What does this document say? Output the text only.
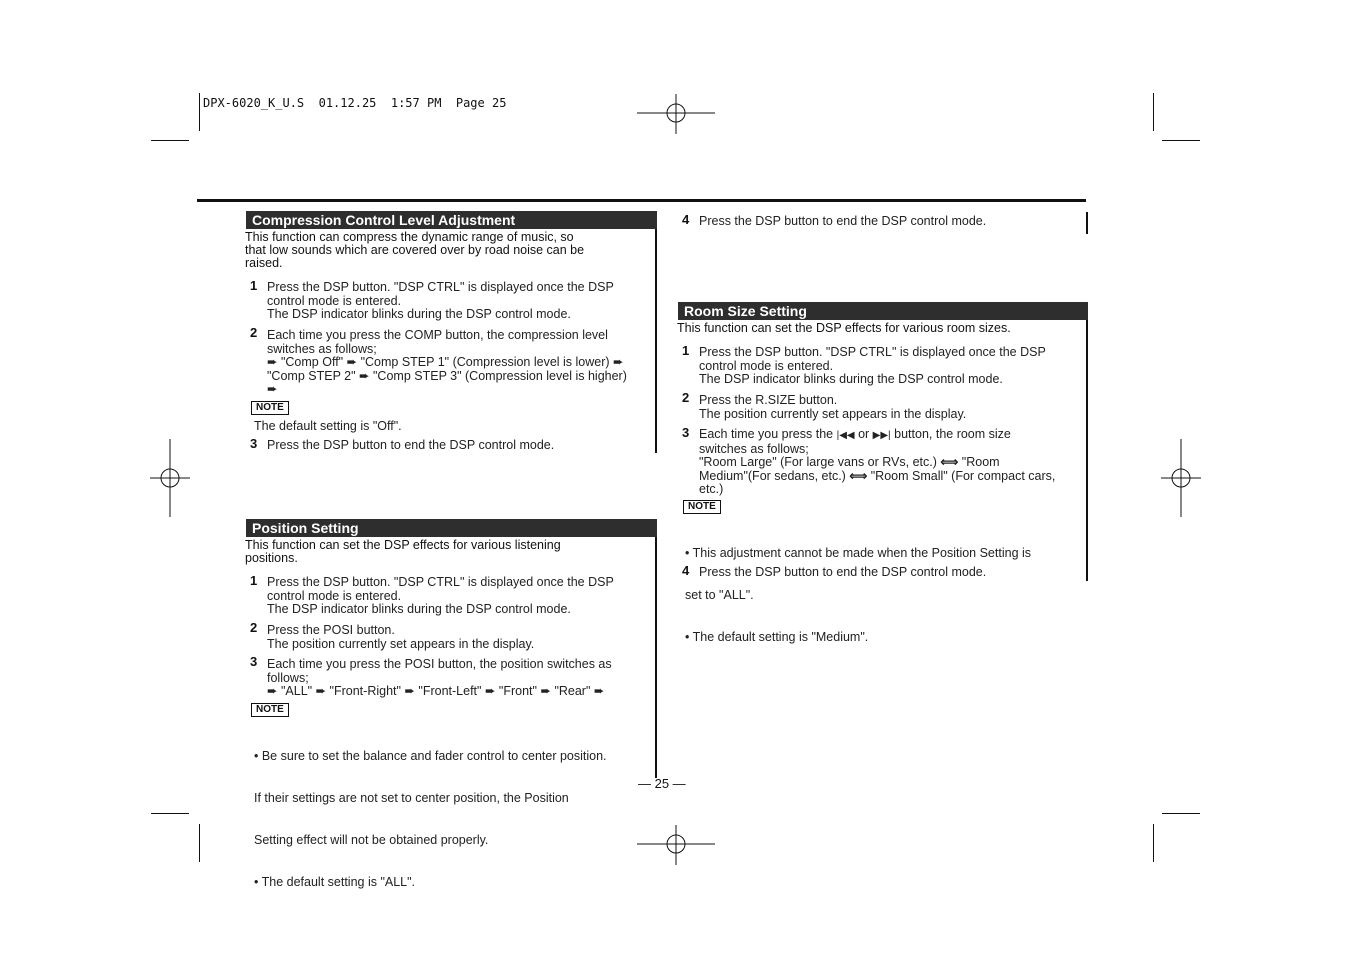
DPX-6020_K_U.S  01.12.25  1:57 PM  Page 25
Compression Control Level Adjustment
This function can compress the dynamic range of music, so
that low sounds which are covered over by road noise can be
raised.
1 Press the DSP button. "DSP CTRL" is displayed once the DSP
control mode is entered.
The DSP indicator blinks during the DSP control mode.
2 Each time you press the COMP button, the compression level
switches as follows;
➨ "Comp Off" ➨ "Comp STEP 1" (Compression level is lower) ➨
"Comp STEP 2" ➨ "Comp STEP 3" (Compression level is higher)
➨
NOTE
The default setting is "Off".
3 Press the DSP button to end the DSP control mode.
Position Setting
This function can set the DSP effects for various listening
positions.
1 Press the DSP button. "DSP CTRL" is displayed once the DSP
control mode is entered.
The DSP indicator blinks during the DSP control mode.
2 Press the POSI button.
The position currently set appears in the display.
3 Each time you press the POSI button, the position switches as
follows;
➨ "ALL" ➨ "Front-Right" ➨ "Front-Left" ➨ "Front" ➨ "Rear" ➨
NOTE

• Be sure to set the balance and fader control to center position.

If their settings are not set to center position, the Position

Setting effect will not be obtained properly.

• The default setting is "ALL".

— 25 —
4 Press the DSP button to end the DSP control mode.
Room Size Setting
This function can set the DSP effects for various room sizes.
1 Press the DSP button. "DSP CTRL" is displayed once the DSP
control mode is entered.
The DSP indicator blinks during the DSP control mode.
2 Press the R.SIZE button.
The position currently set appears in the display.
3 Each time you press the |◀◀ or ▶▶| button, the room size
switches as follows;
"Room Large" (For large vans or RVs, etc.) ⟺ "Room
Medium"(For sedans, etc.) ⟺ "Room Small" (For compact cars,
etc.)
NOTE

• This adjustment cannot be made when the Position Setting is

set to "ALL".

• The default setting is "Medium".

4 Press the DSP button to end the DSP control mode.
